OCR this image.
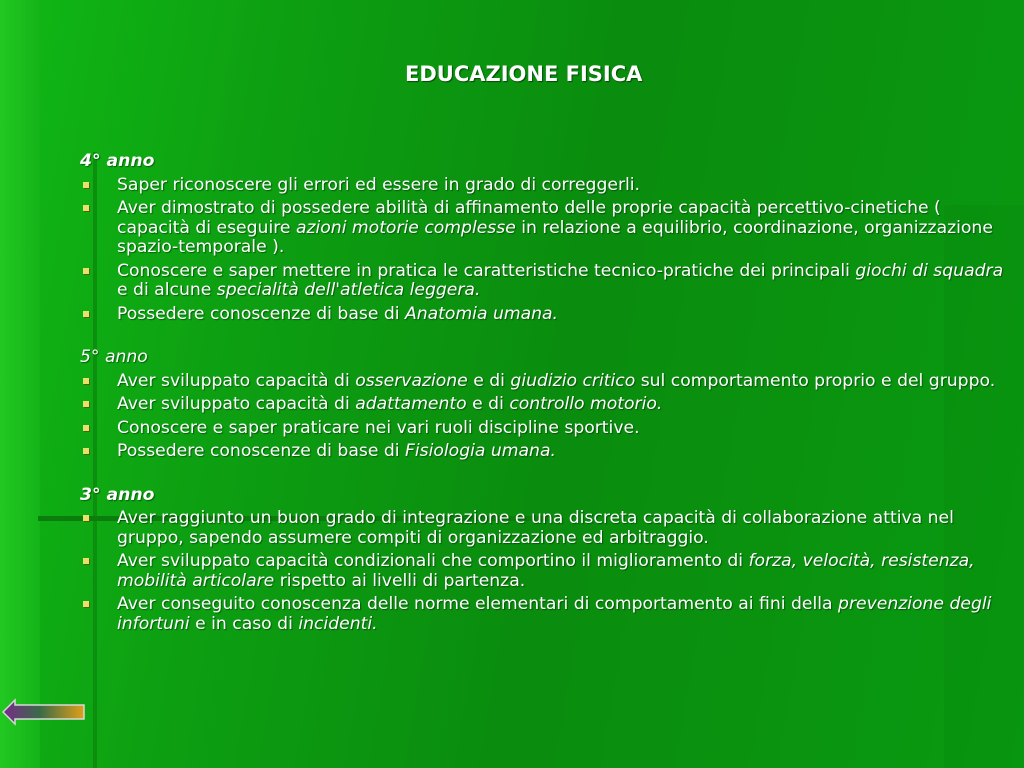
EDUCAZIONE FISICA
4° anno
Saper riconoscere gli errori ed essere in grado di correggerli.
Aver dimostrato di possedere abilità di affinamento delle proprie capacità percettivo-cinetiche ( capacità di eseguire azioni motorie complesse in relazione a equilibrio, coordinazione, organizzazione spazio-temporale ).
Conoscere e saper mettere in pratica le caratteristiche tecnico-pratiche dei principali giochi di squadra e di alcune specialità dell'atletica leggera.
Possedere conoscenze di base di Anatomia umana.
5° anno
Aver sviluppato capacità di osservazione e di giudizio critico sul comportamento proprio e del gruppo.
Aver sviluppato capacità di adattamento e di controllo motorio.
Conoscere e saper praticare nei vari ruoli discipline sportive.
Possedere conoscenze di base di Fisiologia umana.
3° anno
Aver raggiunto un buon grado di integrazione e una discreta capacità di collaborazione attiva nel gruppo, sapendo assumere compiti di organizzazione ed arbitraggio.
Aver sviluppato capacità condizionali che comportino il miglioramento di forza, velocità, resistenza, mobilità articolare rispetto ai livelli di partenza.
Aver conseguito conoscenza delle norme elementari di comportamento ai fini della prevenzione degli infortuni e in caso di incidenti.
